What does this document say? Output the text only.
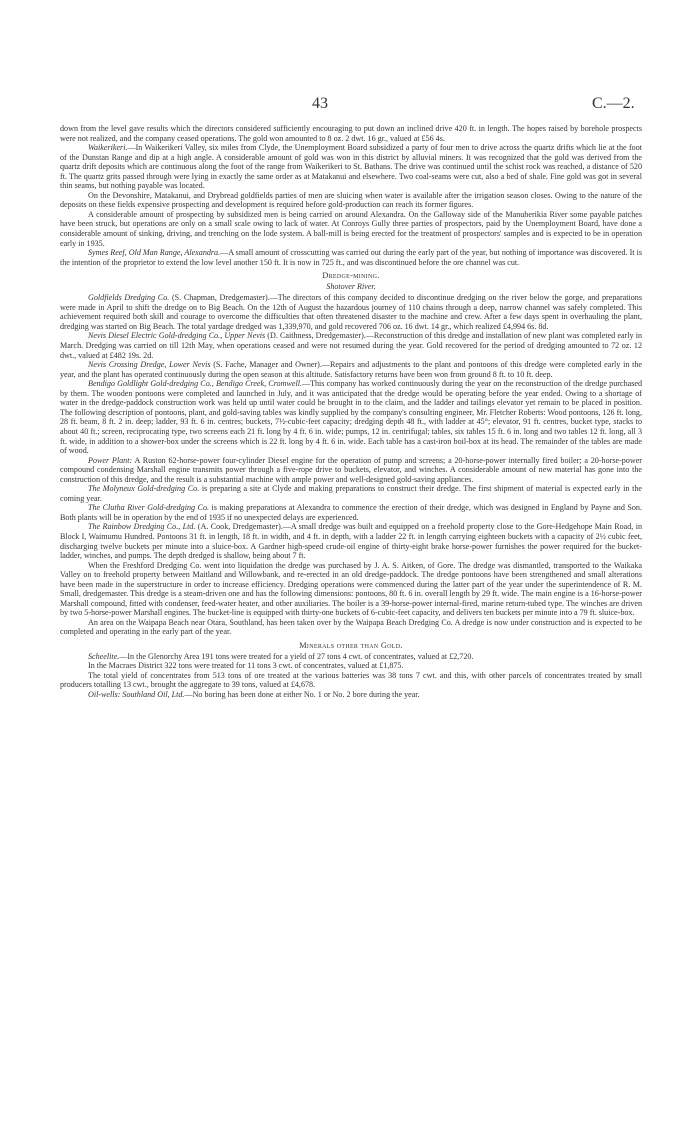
43	C.—2.

down from the level gave results which the directors considered sufficiently encouraging to put down an inclined drive 420 ft. in length. The hopes raised by borehole prospects were not realized, and the company ceased operations. The gold won amounted to 8 oz. 2 dwt. 16 gr., valued at £56 4s.

Waikerikeri.—In Waikerikeri Valley, six miles from Clyde, the Unemployment Board subsidized a party of four men to drive across the quartz drifts which lie at the foot of the Dunstan Range and dip at a high angle. A considerable amount of gold was won in this district by alluvial miners. It was recognized that the gold was derived from the quartz drift deposits which are continuous along the foot of the range from Waikerikeri to St. Bathans. The drive was continued until the schist rock was reached, a distance of 520 ft. The quartz grits passed through were lying in exactly the same order as at Matakanui and elsewhere. Two coal-seams were cut, also a bed of shale. Fine gold was got in several thin seams, but nothing payable was located.

On the Devonshire, Matakanui, and Drybread goldfields parties of men are sluicing when water is available after the irrigation season closes. Owing to the nature of the deposits on these fields expensive prospecting and development is required before gold-production can reach its former figures.

A considerable amount of prospecting by subsidized men is being carried on around Alexandra. On the Galloway side of the Manuherikia River some payable patches have been struck, but operations are only on a small scale owing to lack of water. At Conroys Gully three parties of prospectors, paid by the Unemployment Board, have done a considerable amount of sinking, driving, and trenching on the lode system. A ball-mill is being erected for the treatment of prospectors' samples and is expected to be in operation early in 1935.

Symes Reef, Old Man Range, Alexandra.—A small amount of crosscutting was carried out during the early part of the year, but nothing of importance was discovered. It is the intention of the proprietor to extend the low level another 150 ft. It is now in 725 ft., and was discontinued before the ore channel was cut.

Dredge-mining.

Shotover River.

Goldfields Dredging Co. (S. Chapman, Dredgemaster).—The directors of this company decided to discontinue dredging on the river below the gorge, and preparations were made in April to shift the dredge on to Big Beach. On the 12th of August the hazardous journey of 110 chains through a deep, narrow channel was safely completed. This achievement required both skill and courage to overcome the difficulties that often threatened disaster to the machine and crew. After a few days spent in overhauling the plant, dredging was started on Big Beach. The total yardage dredged was 1,339,970, and gold recovered 706 oz. 16 dwt. 14 gr., which realized £4,994 6s. 8d.

Nevis Diesel Electric Gold-dredging Co., Upper Nevis (D. Caithness, Dredgemaster).—Reconstruction of this dredge and installation of new plant was completed early in March. Dredging was carried on till 12th May, when operations ceased and were not resumed during the year. Gold recovered for the period of dredging amounted to 72 oz. 12 dwt., valued at £482 19s. 2d.

Nevis Crossing Dredge, Lower Nevis (S. Fache, Manager and Owner).—Repairs and adjustments to the plant and pontoons of this dredge were completed early in the year, and the plant has operated continuously during the open season at this altitude. Satisfactory returns have been won from ground 8 ft. to 10 ft. deep.

Bendigo Goldlight Gold-dredging Co., Bendigo Creek, Cromwell.—This company has worked continuously during the year on the reconstruction of the dredge purchased by them. The wooden pontoons were completed and launched in July, and it was anticipated that the dredge would be operating before the year ended. Owing to a shortage of water in the dredge-paddock construction work was held up until water could be brought in to the claim, and the ladder and tailings elevator yet remain to be placed in position. The following description of pontoons, plant, and gold-saving tables was kindly supplied by the company's consulting engineer, Mr. Fletcher Roberts: Wood pontoons, 126 ft. long, 28 ft. beam, 8 ft. 2 in. deep; ladder, 93 ft. 6 in. centres; buckets, 7½-cubic-feet capacity; dredging depth 48 ft., with ladder at 45°; elevator, 91 ft. centres, bucket type, stacks to about 40 ft.; screen, reciprocating type, two screens each 21 ft. long by 4 ft. 6 in. wide; pumps, 12 in. centrifugal; tables, six tables 15 ft. 6 in. long and two tables 12 ft. long, all 3 ft. wide, in addition to a shower-box under the screens which is 22 ft. long by 4 ft. 6 in. wide. Each table has a cast-iron boil-box at its head. The remainder of the tables are made of wood.

Power Plant: A Ruston 62-horse-power four-cylinder Diesel engine for the operation of pump and screens; a 20-horse-power internally fired boiler; a 20-horse-power compound condensing Marshall engine transmits power through a five-rope drive to buckets, elevator, and winches. A considerable amount of new material has gone into the construction of this dredge, and the result is a substantial machine with ample power and well-designed gold-saving appliances.

The Molyneux Gold-dredging Co. is preparing a site at Clyde and making preparations to construct their dredge. The first shipment of material is expected early in the coming year.

The Clutha River Gold-dredging Co. is making preparations at Alexandra to commence the erection of their dredge, which was designed in England by Payne and Son. Both plants will be in operation by the end of 1935 if no unexpected delays are experienced.

The Rainbow Dredging Co., Ltd. (A. Cook, Dredgemaster).—A small dredge was built and equipped on a freehold property close to the Gore-Hedgehope Main Road, in Block I, Waimumu Hundred. Pontoons 31 ft. in length, 18 ft. in width, and 4 ft. in depth, with a ladder 22 ft. in length carrying eighteen buckets with a capacity of 2½ cubic feet, discharging twelve buckets per minute into a sluice-box. A Gardner high-speed crude-oil engine of thirty-eight brake horse-power furnishes the power required for the bucket-ladder, winches, and pumps. The depth dredged is shallow, being about 7 ft.

When the Freshford Dredging Co. went into liquidation the dredge was purchased by J. A. S. Aitken, of Gore. The dredge was dismantled, transported to the Waikaka Valley on to freehold property between Maitland and Willowbank, and re-erected in an old dredge-paddock. The dredge pontoons have been strengthened and small alterations have been made in the superstructure in order to increase efficiency. Dredging operations were commenced during the latter part of the year under the superintendence of R. M. Small, dredgemaster. This dredge is a steam-driven one and has the following dimensions: pontoons, 80 ft. 6 in. overall length by 29 ft. wide. The main engine is a 16-horse-power Marshall compound, fitted with condenser, feed-water heater, and other auxiliaries. The boiler is a 39-horse-power internal-fired, marine return-tubed type. The winches are driven by two 5-horse-power Marshall engines. The bucket-line is equipped with thirty-one buckets of 6-cubic-feet capacity, and delivers ten buckets per minute into a 79 ft. sluice-box.

An area on the Waipapa Beach near Otara, Southland, has been taken over by the Waipapa Beach Dredging Co. A dredge is now under construction and is expected to be completed and operating in the early part of the year.

Minerals other than Gold.

Scheelite.—In the Glenorchy Area 191 tons were treated for a yield of 27 tons 4 cwt. of concentrates, valued at £2,720.

In the Macraes District 322 tons were treated for 11 tons 3 cwt. of concentrates, valued at £1,875.

The total yield of concentrates from 513 tons of ore treated at the various batteries was 38 tons 7 cwt. and this, with other parcels of concentrates treated by small producers totalling 13 cwt., brought the aggregate to 39 tons, valued at £4,678.

Oil-wells: Southland Oil, Ltd.—No boring has been done at either No. 1 or No. 2 bore during the year.
